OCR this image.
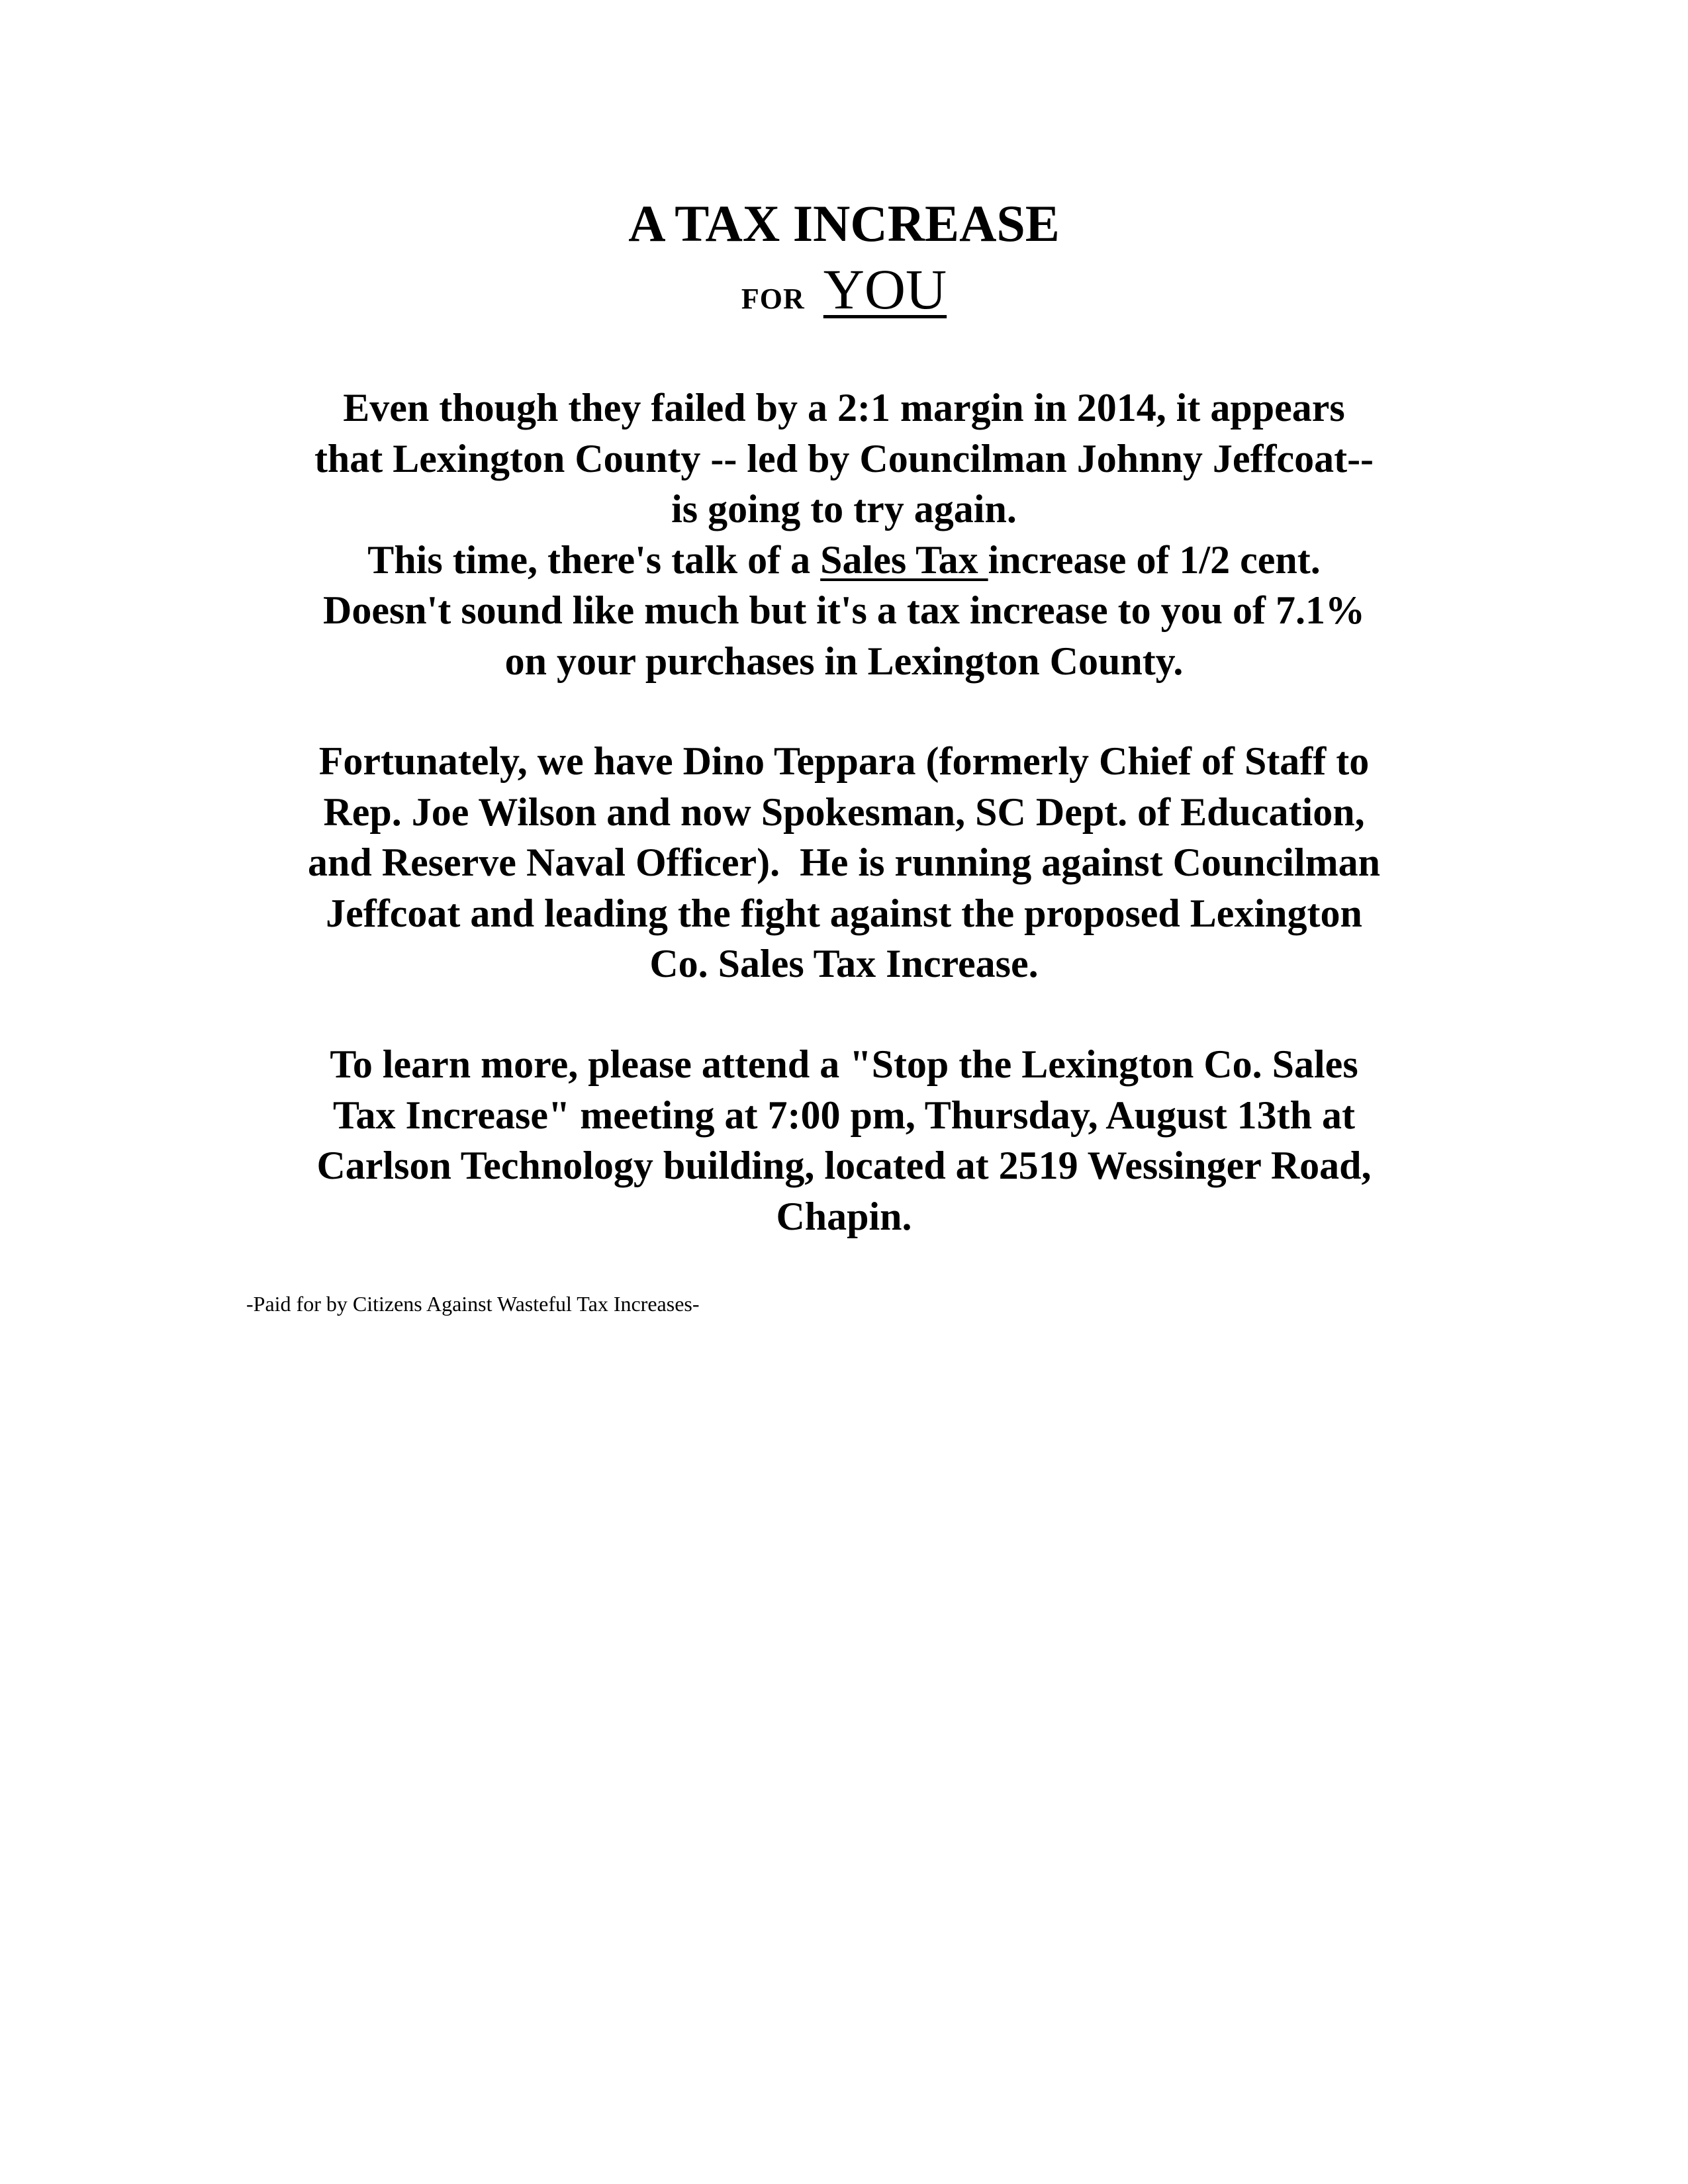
A TAX INCREASE
FOR YOU
Even though they failed by a 2:1 margin in 2014, it appears
that Lexington County -- led by Councilman Johnny Jeffcoat--
is going to try again.
This time, there's talk of a Sales Tax increase of 1/2 cent.
Doesn't sound like much but it's a tax increase to you of 7.1%
on your purchases in Lexington County.
Fortunately, we have Dino Teppara (formerly Chief of Staff to
Rep. Joe Wilson and now Spokesman, SC Dept. of Education,
and Reserve Naval Officer).  He is running against Councilman
Jeffcoat and leading the fight against the proposed Lexington
Co. Sales Tax Increase.
To learn more, please attend a "Stop the Lexington Co. Sales
Tax Increase" meeting at 7:00 pm, Thursday, August 13th at
Carlson Technology building, located at 2519 Wessinger Road,
Chapin.
-Paid for by Citizens Against Wasteful Tax Increases-
